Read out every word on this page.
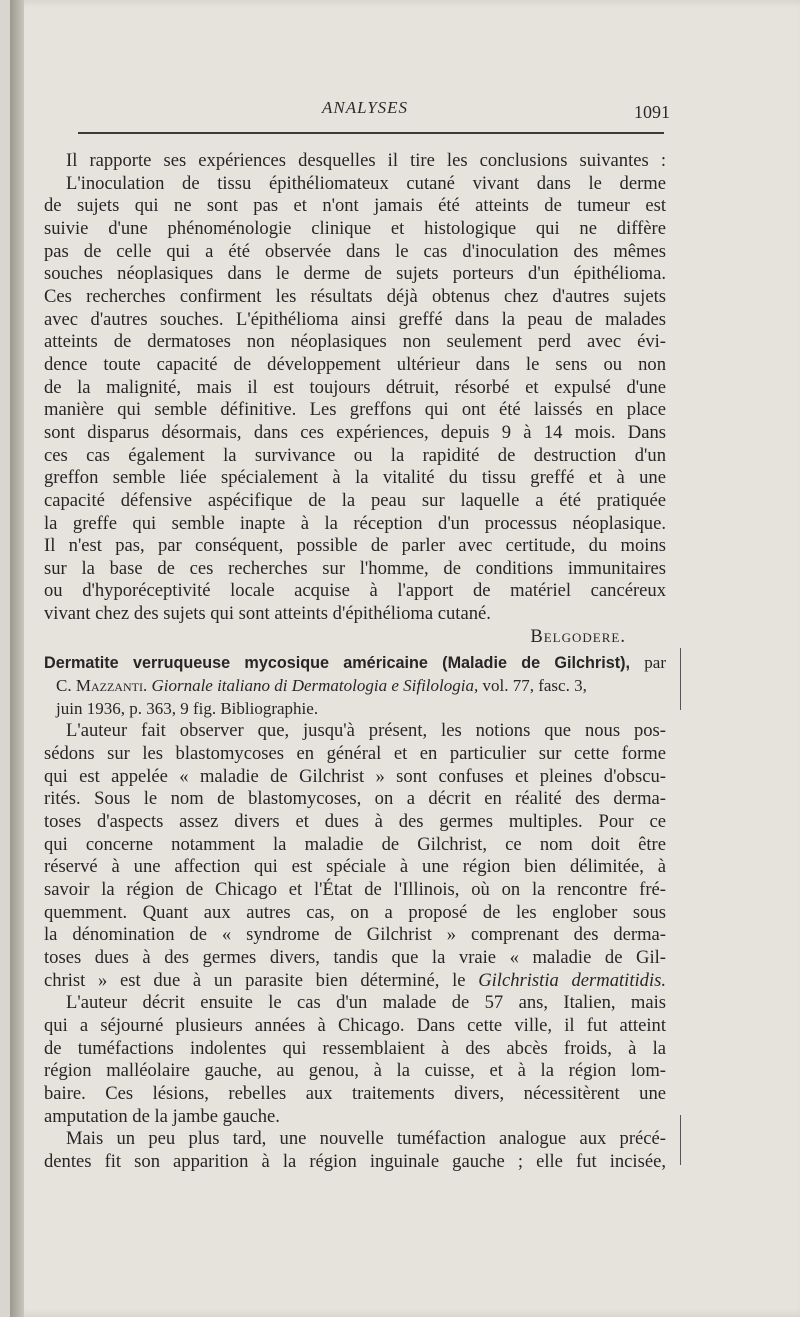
ANALYSES	1091
Il rapporte ses expériences desquelles il tire les conclusions suivantes :
L'inoculation de tissu épithéliomateux cutané vivant dans le derme
de sujets qui ne sont pas et n'ont jamais été atteints de tumeur est
suivie d'une phénoménologie clinique et histologique qui ne diffère
pas de celle qui a été observée dans le cas d'inoculation des mêmes
souches néoplasiques dans le derme de sujets porteurs d'un épithélioma.
Ces recherches confirment les résultats déjà obtenus chez d'autres sujets
avec d'autres souches. L'épithélioma ainsi greffé dans la peau de malades
atteints de dermatoses non néoplasiques non seulement perd avec évi-
dence toute capacité de développement ultérieur dans le sens ou non
de la malignité, mais il est toujours détruit, résorbé et expulsé d'une
manière qui semble définitive. Les greffons qui ont été laissés en place
sont disparus désormais, dans ces expériences, depuis 9 à 14 mois. Dans
ces cas également la survivance ou la rapidité de destruction d'un
greffon semble liée spécialement à la vitalité du tissu greffé et à une
capacité défensive aspécifique de la peau sur laquelle a été pratiquée
la greffe qui semble inapte à la réception d'un processus néoplasique.
Il n'est pas, par conséquent, possible de parler avec certitude, du moins
sur la base de ces recherches sur l'homme, de conditions immunitaires
ou d'hyporéceptivité locale acquise à l'apport de matériel cancéreux
vivant chez des sujets qui sont atteints d'épithélioma cutané.
Belgodere.
Dermatite verruqueuse mycosique américaine (Maladie de Gilchrist), par
C. Mazzanti. Giornale italiano di Dermatologia e Sifilologia, vol. 77, fasc. 3,
juin 1936, p. 363, 9 fig. Bibliographie.
L'auteur fait observer que, jusqu'à présent, les notions que nous pos-
sédons sur les blastomycoses en général et en particulier sur cette forme
qui est appelée « maladie de Gilchrist » sont confuses et pleines d'obscu-
rités. Sous le nom de blastomycoses, on a décrit en réalité des derma-
toses d'aspects assez divers et dues à des germes multiples. Pour ce
qui concerne notamment la maladie de Gilchrist, ce nom doit être
réservé à une affection qui est spéciale à une région bien délimitée, à
savoir la région de Chicago et l'État de l'Illinois, où on la rencontre fré-
quemment. Quant aux autres cas, on a proposé de les englober sous
la dénomination de « syndrome de Gilchrist » comprenant des derma-
toses dues à des germes divers, tandis que la vraie « maladie de Gil-
christ » est due à un parasite bien déterminé, le Gilchristia dermatitidis.
L'auteur décrit ensuite le cas d'un malade de 57 ans, Italien, mais
qui a séjourné plusieurs années à Chicago. Dans cette ville, il fut atteint
de tuméfactions indolentes qui ressemblaient à des abcès froids, à la
région malléolaire gauche, au genou, à la cuisse, et à la région lom-
baire. Ces lésions, rebelles aux traitements divers, nécessitèrent une
amputation de la jambe gauche.
Mais un peu plus tard, une nouvelle tuméfaction analogue aux précé-
dentes fit son apparition à la région inguinale gauche ; elle fut incisée,
